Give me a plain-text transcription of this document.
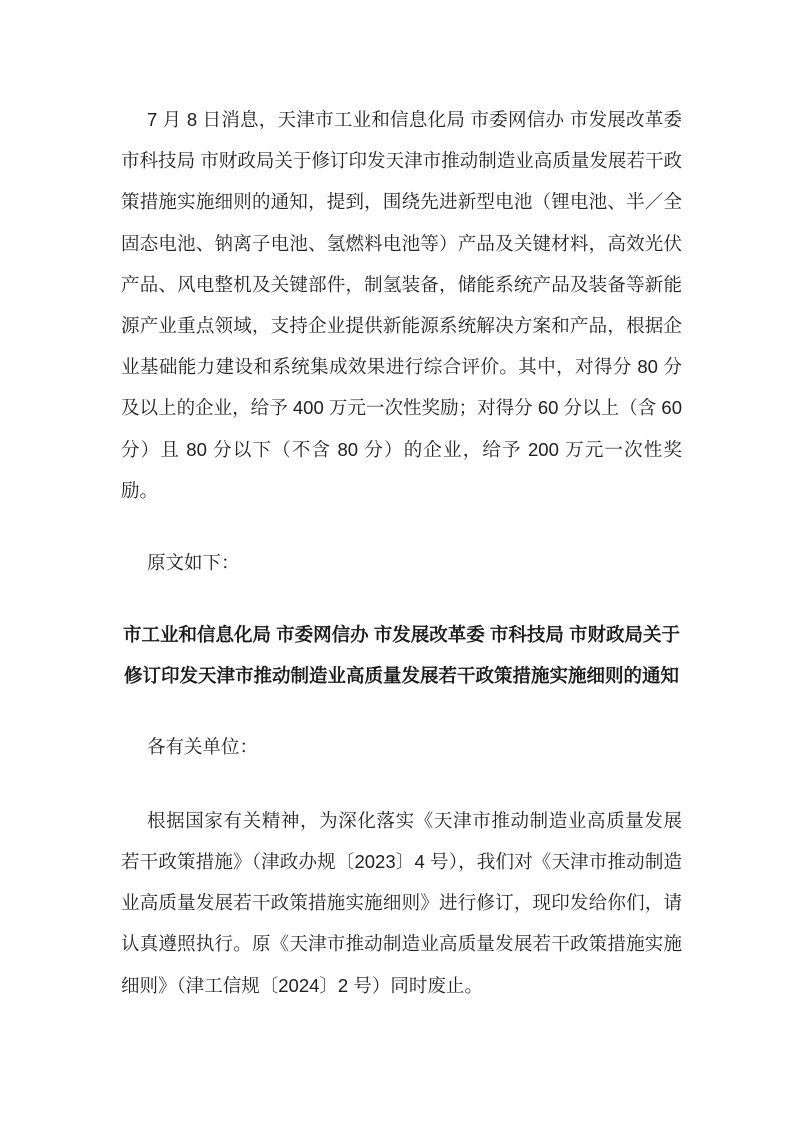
7 月 8 日消息，天津市工业和信息化局 市委网信办 市发展改革委 市科技局 市财政局关于修订印发天津市推动制造业高质量发展若干政策措施实施细则的通知，提到，围绕先进新型电池（锂电池、半／全固态电池、钠离子电池、氢燃料电池等）产品及关键材料，高效光伏产品、风电整机及关键部件，制氢装备，储能系统产品及装备等新能源产业重点领域，支持企业提供新能源系统解决方案和产品，根据企业基础能力建设和系统集成效果进行综合评价。其中，对得分 80 分及以上的企业，给予 400 万元一次性奖励；对得分 60 分以上（含 60 分）且 80 分以下（不含 80 分）的企业，给予 200 万元一次性奖励。

原文如下：

市工业和信息化局 市委网信办 市发展改革委 市科技局 市财政局关于修订印发天津市推动制造业高质量发展若干政策措施实施细则的通知

各有关单位：

根据国家有关精神，为深化落实《天津市推动制造业高质量发展若干政策措施》（津政办规〔2023〕4 号），我们对《天津市推动制造业高质量发展若干政策措施实施细则》进行修订，现印发给你们，请认真遵照执行。原《天津市推动制造业高质量发展若干政策措施实施细则》（津工信规〔2024〕2 号）同时废止。
